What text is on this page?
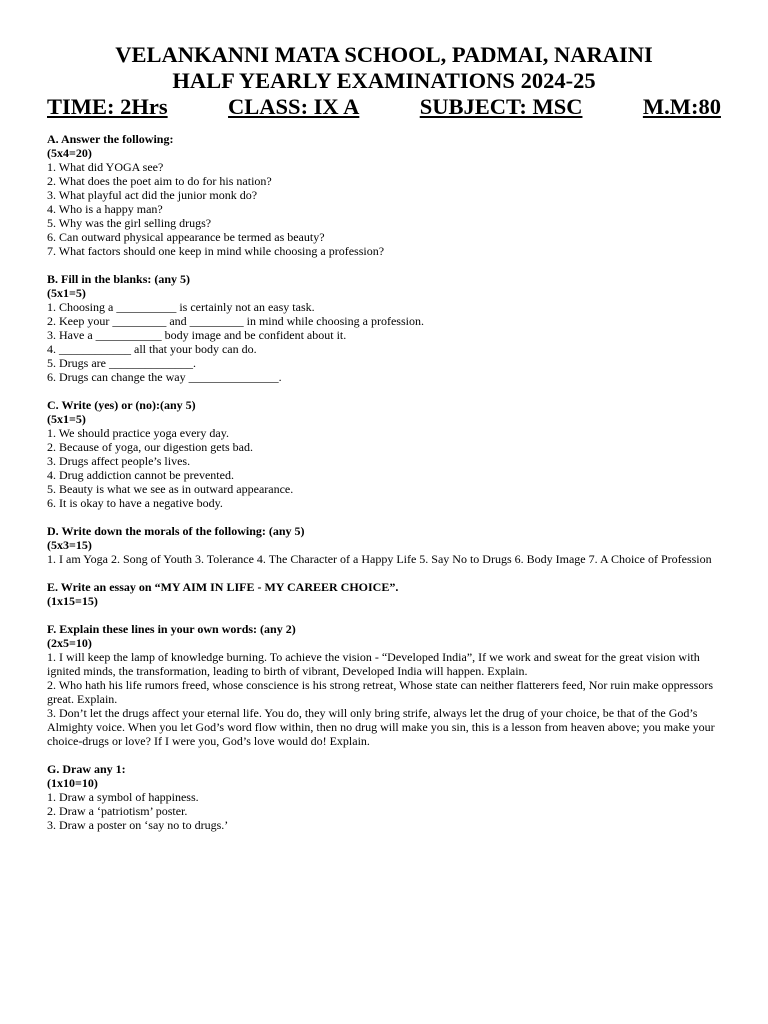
VELANKANNI MATA SCHOOL, PADMAI, NARAINI
HALF YEARLY EXAMINATIONS 2024-25
TIME: 2Hrs	CLASS: IX A	SUBJECT: MSC	M.M:80
A. Answer the following:
(5x4=20)
1. What did YOGA see?
2. What does the poet aim to do for his nation?
3. What playful act did the junior monk do?
4. Who is a happy man?
5. Why was the girl selling drugs?
6. Can outward physical appearance be termed as beauty?
7. What factors should one keep in mind while choosing a profession?
B. Fill in the blanks: (any 5)
(5x1=5)
1. Choosing a __________ is certainly not an easy task.
2. Keep your _________ and _________ in mind while choosing a profession.
3. Have a ___________ body image and be confident about it.
4. ____________ all that your body can do.
5. Drugs are ______________.
6. Drugs can change the way _______________.
C. Write (yes) or (no):(any 5)
(5x1=5)
1. We should practice yoga every day.
2. Because of yoga, our digestion gets bad.
3. Drugs affect people’s lives.
4. Drug addiction cannot be prevented.
5. Beauty is what we see as in outward appearance.
6. It is okay to have a negative body.
D. Write down the morals of the following: (any 5)
(5x3=15)
1. I am Yoga 2. Song of Youth 3. Tolerance 4. The Character of a Happy Life 5. Say No to Drugs 6. Body Image 7. A Choice of Profession
E. Write an essay on “MY AIM IN LIFE - MY CAREER CHOICE”.
(1x15=15)
F. Explain these lines in your own words: (any 2)
(2x5=10)
1. I will keep the lamp of knowledge burning. To achieve the vision - “Developed India”, If we work and sweat for the great vision with ignited minds, the transformation, leading to birth of vibrant, Developed India will happen. Explain.
2. Who hath his life rumors freed, whose conscience is his strong retreat, Whose state can neither flatterers feed, Nor ruin make oppressors great. Explain.
3. Don’t let the drugs affect your eternal life. You do, they will only bring strife, always let the drug of your choice, be that of the God’s Almighty voice. When you let God’s word flow within, then no drug will make you sin, this is a lesson from heaven above; you make your choice-drugs or love? If I were you, God’s love would do! Explain.
G. Draw any 1:
(1x10=10)
1. Draw a symbol of happiness.
2. Draw a ‘patriotism’ poster.
3. Draw a poster on ‘say no to drugs.’
